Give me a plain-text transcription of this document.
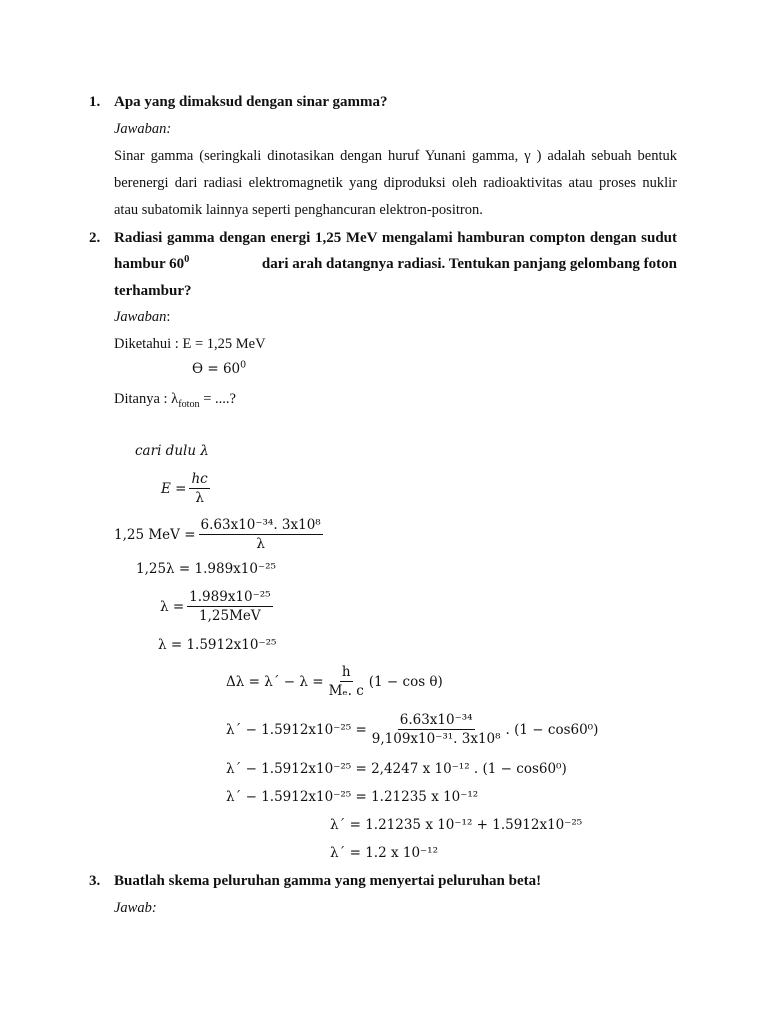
1. Apa yang dimaksud dengan sinar gamma?
Jawaban:
Sinar gamma (seringkali dinotasikan dengan huruf Yunani gamma, γ ) adalah sebuah bentuk
berenergi dari radiasi elektromagnetik yang diproduksi oleh radioaktivitas atau proses nuklir
atau subatomik lainnya seperti penghancuran elektron-positron.
2. Radiasi gamma dengan energi 1,25 MeV mengalami hamburan compton dengan sudut
hambur $60^0$	dari arah datangnya radiasi. Tentukan panjang gelombang foton
terhambur?
Jawaban:
Diketahui : E = 1,25 MeV
$ϴ = 60^0$
Ditanya : $\lambda_{foton}$ = ....?
cari dulu λ
$E = \frac{hc}{\lambda}$
1,25 MeV = $\frac{\text{6.63x10⁻³⁴. 3x10⁸}}{\lambda}$
1,25λ = 1.989x10⁻²⁵
$\lambda = \frac{\text{1.989x10⁻²⁵}}{\text{1,25MeV}}$
λ = 1.5912x10⁻²⁵
$\Delta\lambda = \lambda΄ - \lambda = \frac{h}{\text{Mₑ. c}} (1 - \cos \theta)$
$\lambda΄ - 1.5912x10^{-25} = \frac{\text{6.63x10⁻³⁴}}{\text{9,109x10⁻³¹. 3x10⁸}}$ . (1 − cos60⁰)
λ΄ − 1.5912x10⁻²⁵ = 2,4247 x 10⁻¹² . (1 − cos60⁰)
λ΄ − 1.5912x10⁻²⁵ = 1.21235 x 10⁻¹²
λ΄ = 1.21235 x 10⁻¹² + 1.5912x10⁻²⁵
λ΄ = 1.2 x 10⁻¹²
3. Buatlah skema peluruhan gamma yang menyertai peluruhan beta!
Jawab:
